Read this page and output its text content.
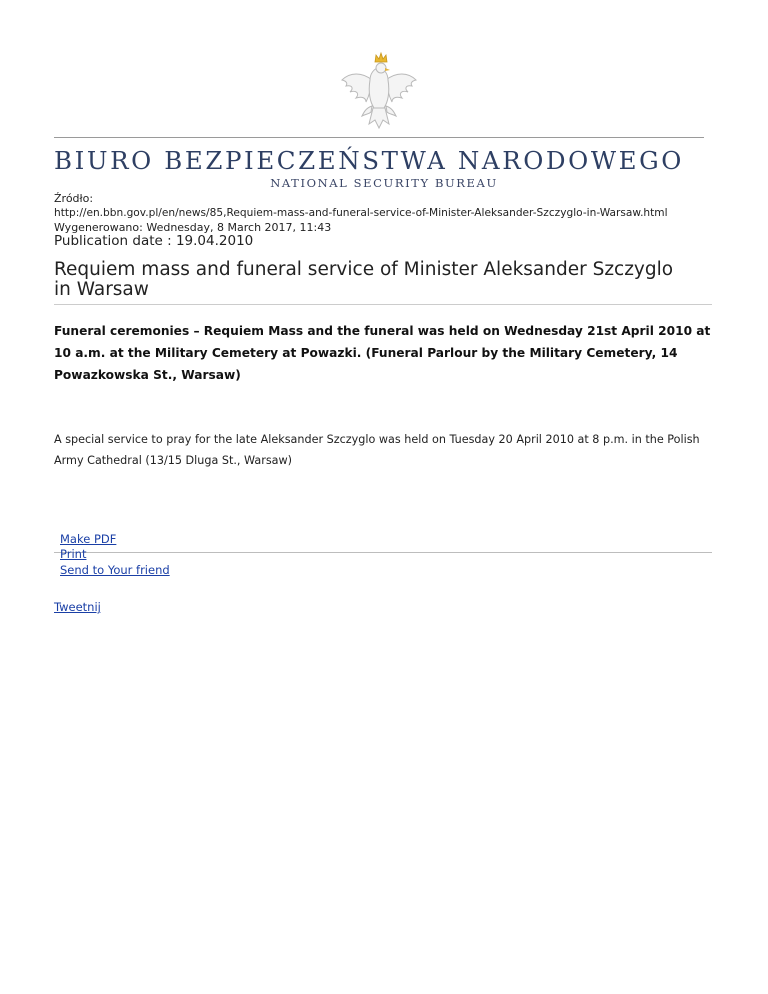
BIURO BEZPIECZEŃSTWA NARODOWEGO
NATIONAL SECURITY BUREAU
Źródło:
http://en.bbn.gov.pl/en/news/85,Requiem-mass-and-funeral-service-of-Minister-Aleksander-Szczyglo-in-Warsaw.html
Wygenerowano: Wednesday, 8 March 2017, 11:43
Publication date : 19.04.2010
Requiem mass and funeral service of Minister Aleksander Szczyglo in Warsaw
Funeral ceremonies – Requiem Mass and the funeral was held on Wednesday 21st April 2010 at 10 a.m. at the Military Cemetery at Powazki. (Funeral Parlour by the Military Cemetery, 14 Powazkowska St., Warsaw)
A special service to pray for the late Aleksander Szczyglo was held on Tuesday 20 April 2010 at 8 p.m. in the Polish Army Cathedral (13/15 Dluga St., Warsaw)
Make PDF
Print
Send to Your friend
Tweetnij
